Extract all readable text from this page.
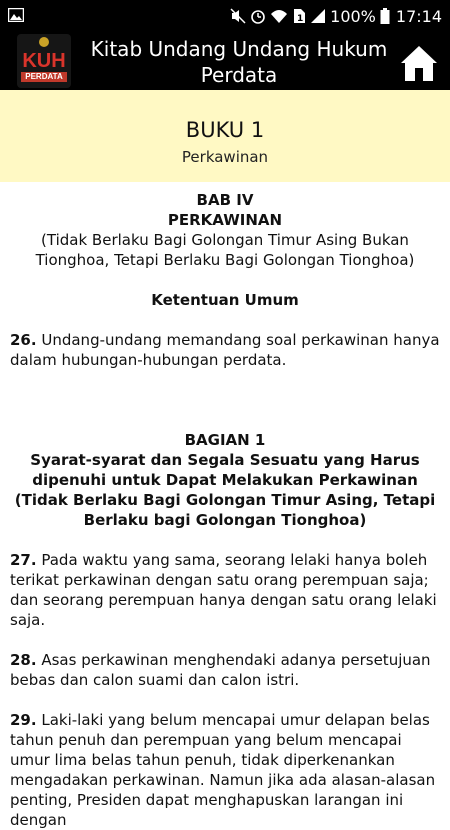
1 100% 17:14
KUH
PERDATA
Kitab Undang Undang Hukum Perdata
BUKU 1
Perkawinan
BAB IV
PERKAWINAN
(Tidak Berlaku Bagi Golongan Timur Asing Bukan Tionghoa, Tetapi Berlaku Bagi Golongan Tionghoa)
Ketentuan Umum

26. Undang-undang memandang soal perkawinan hanya dalam hubungan-hubungan perdata.

BAGIAN 1
Syarat-syarat dan Segala Sesuatu yang Harus dipenuhi untuk Dapat Melakukan Perkawinan (Tidak Berlaku Bagi Golongan Timur Asing, Tetapi Berlaku bagi Golongan Tionghoa)

27. Pada waktu yang sama, seorang lelaki hanya boleh terikat perkawinan dengan satu orang perempuan saja; dan seorang perempuan hanya dengan satu orang lelaki saja.

28. Asas perkawinan menghendaki adanya persetujuan bebas dan calon suami dan calon istri.

29. Laki-laki yang belum mencapai umur delapan belas tahun penuh dan perempuan yang belum mencapai umur lima belas tahun penuh, tidak diperkenankan mengadakan perkawinan. Namun jika ada alasan-alasan penting, Presiden dapat menghapuskan larangan ini dengan
